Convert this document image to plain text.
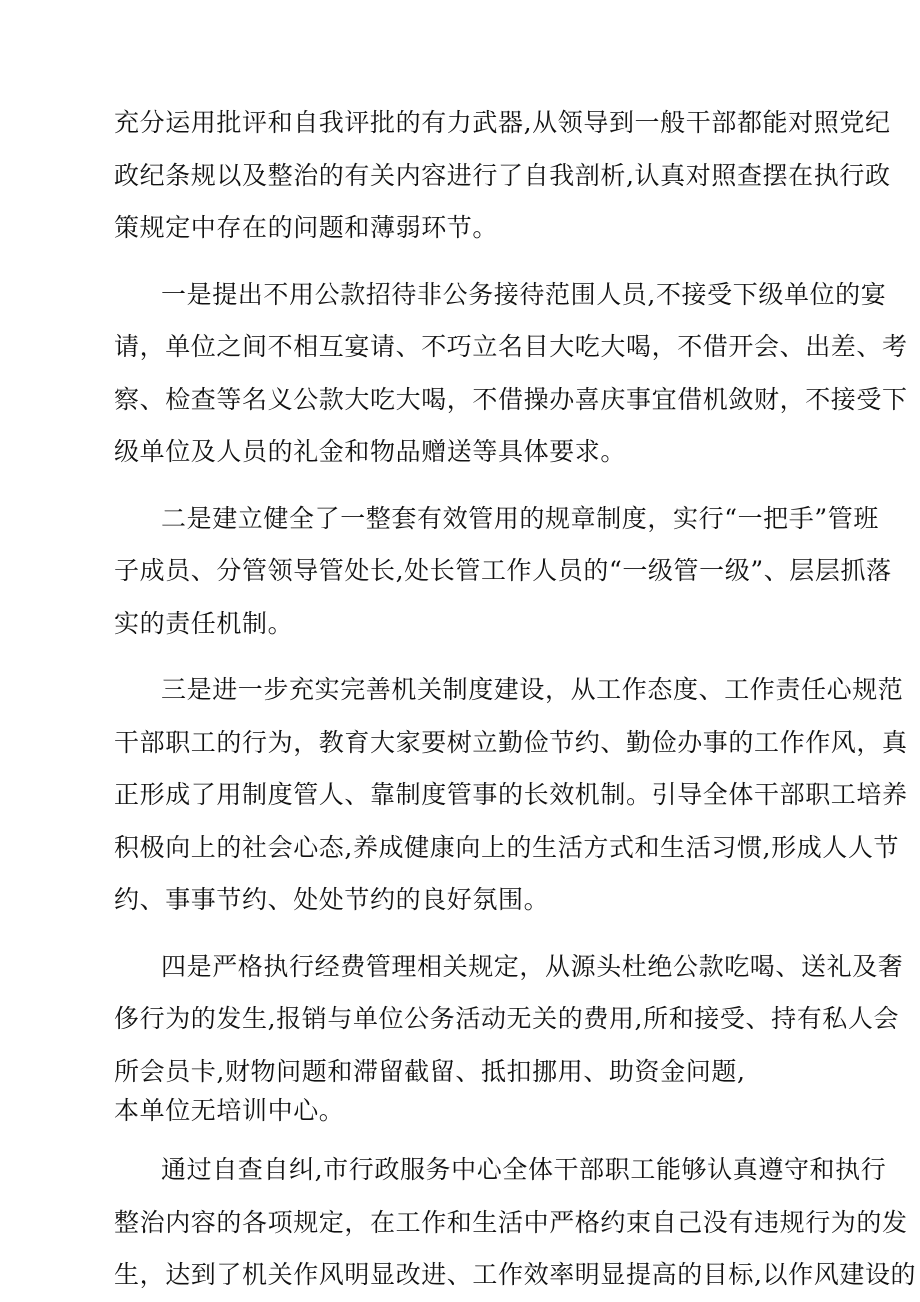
充分运用批评和自我评批的有力武器,从领导到一般干部都能对照党纪
政纪条规以及整治的有关内容进行了自我剖析,认真对照查摆在执行政
策规定中存在的问题和薄弱环节。
一是提出不用公款招待非公务接待范围人员,不接受下级单位的宴
请，单位之间不相互宴请、不巧立名目大吃大喝，不借开会、出差、考
察、检查等名义公款大吃大喝，不借操办喜庆事宜借机敛财，不接受下
级单位及人员的礼金和物品赠送等具体要求。
二是建立健全了一整套有效管用的规章制度，实行“一把手”管班
子成员、分管领导管处长,处长管工作人员的“一级管一级”、层层抓落
实的责任机制。
三是进一步充实完善机关制度建设，从工作态度、工作责任心规范
干部职工的行为，教育大家要树立勤俭节约、勤俭办事的工作作风，真
正形成了用制度管人、靠制度管事的长效机制。引导全体干部职工培养
积极向上的社会心态,养成健康向上的生活方式和生活习惯,形成人人节
约、事事节约、处处节约的良好氛围。
四是严格执行经费管理相关规定，从源头杜绝公款吃喝、送礼及奢
侈行为的发生,报销与单位公务活动无关的费用,所和接受、持有私人会
所会员卡,财物问题和滞留截留、抵扣挪用、助资金问题,
本单位无培训中心。
通过自查自纠,市行政服务中心全体干部职工能够认真遵守和执行
整治内容的各项规定，在工作和生活中严格约束自己没有违规行为的发
生，达到了机关作风明显改进、工作效率明显提高的目标,以作风建设的
